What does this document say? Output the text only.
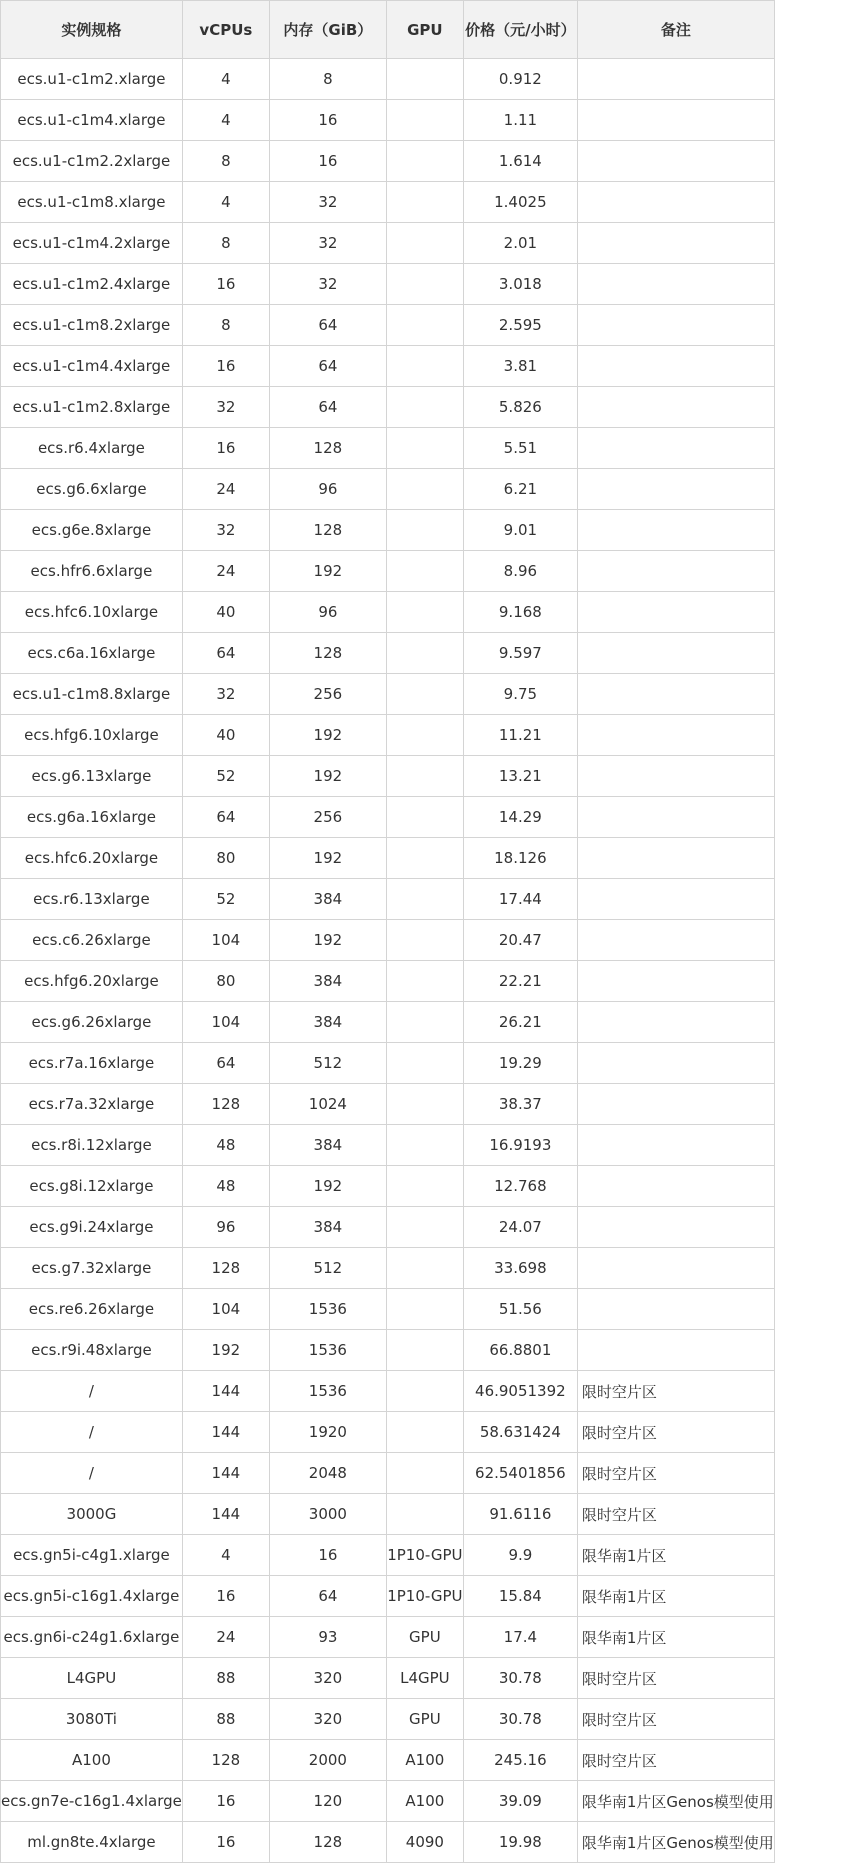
实例规格	vCPUs	内存（GiB）	GPU	价格（元/小时）	备注
ecs.u1-c1m2.xlarge	4	8		0.912	
ecs.u1-c1m4.xlarge	4	16		1.11	
ecs.u1-c1m2.2xlarge	8	16		1.614	
ecs.u1-c1m8.xlarge	4	32		1.4025	
ecs.u1-c1m4.2xlarge	8	32		2.01	
ecs.u1-c1m2.4xlarge	16	32		3.018	
ecs.u1-c1m8.2xlarge	8	64		2.595	
ecs.u1-c1m4.4xlarge	16	64		3.81	
ecs.u1-c1m2.8xlarge	32	64		5.826	
ecs.r6.4xlarge	16	128		5.51	
ecs.g6.6xlarge	24	96		6.21	
ecs.g6e.8xlarge	32	128		9.01	
ecs.hfr6.6xlarge	24	192		8.96	
ecs.hfc6.10xlarge	40	96		9.168	
ecs.c6a.16xlarge	64	128		9.597	
ecs.u1-c1m8.8xlarge	32	256		9.75	
ecs.hfg6.10xlarge	40	192		11.21	
ecs.g6.13xlarge	52	192		13.21	
ecs.g6a.16xlarge	64	256		14.29	
ecs.hfc6.20xlarge	80	192		18.126	
ecs.r6.13xlarge	52	384		17.44	
ecs.c6.26xlarge	104	192		20.47	
ecs.hfg6.20xlarge	80	384		22.21	
ecs.g6.26xlarge	104	384		26.21	
ecs.r7a.16xlarge	64	512		19.29	
ecs.r7a.32xlarge	128	1024		38.37	
ecs.r8i.12xlarge	48	384		16.9193	
ecs.g8i.12xlarge	48	192		12.768	
ecs.g9i.24xlarge	96	384		24.07	
ecs.g7.32xlarge	128	512		33.698	
ecs.re6.26xlarge	104	1536		51.56	
ecs.r9i.48xlarge	192	1536		66.8801	
/	144	1536		46.9051392	限时空片区
/	144	1920		58.631424	限时空片区
/	144	2048		62.5401856	限时空片区
3000G	144	3000		91.6116	限时空片区
ecs.gn5i-c4g1.xlarge	4	16	1P10-GPU	9.9	限华南1片区
ecs.gn5i-c16g1.4xlarge	16	64	1P10-GPU	15.84	限华南1片区
ecs.gn6i-c24g1.6xlarge	24	93	GPU	17.4	限华南1片区
L4GPU	88	320	L4GPU	30.78	限时空片区
3080Ti	88	320	GPU	30.78	限时空片区
A100	128	2000	A100	245.16	限时空片区
ecs.gn7e-c16g1.4xlarge	16	120	A100	39.09	限华南1片区Genos模型使用
ml.gn8te.4xlarge	16	128	4090	19.98	限华南1片区Genos模型使用
